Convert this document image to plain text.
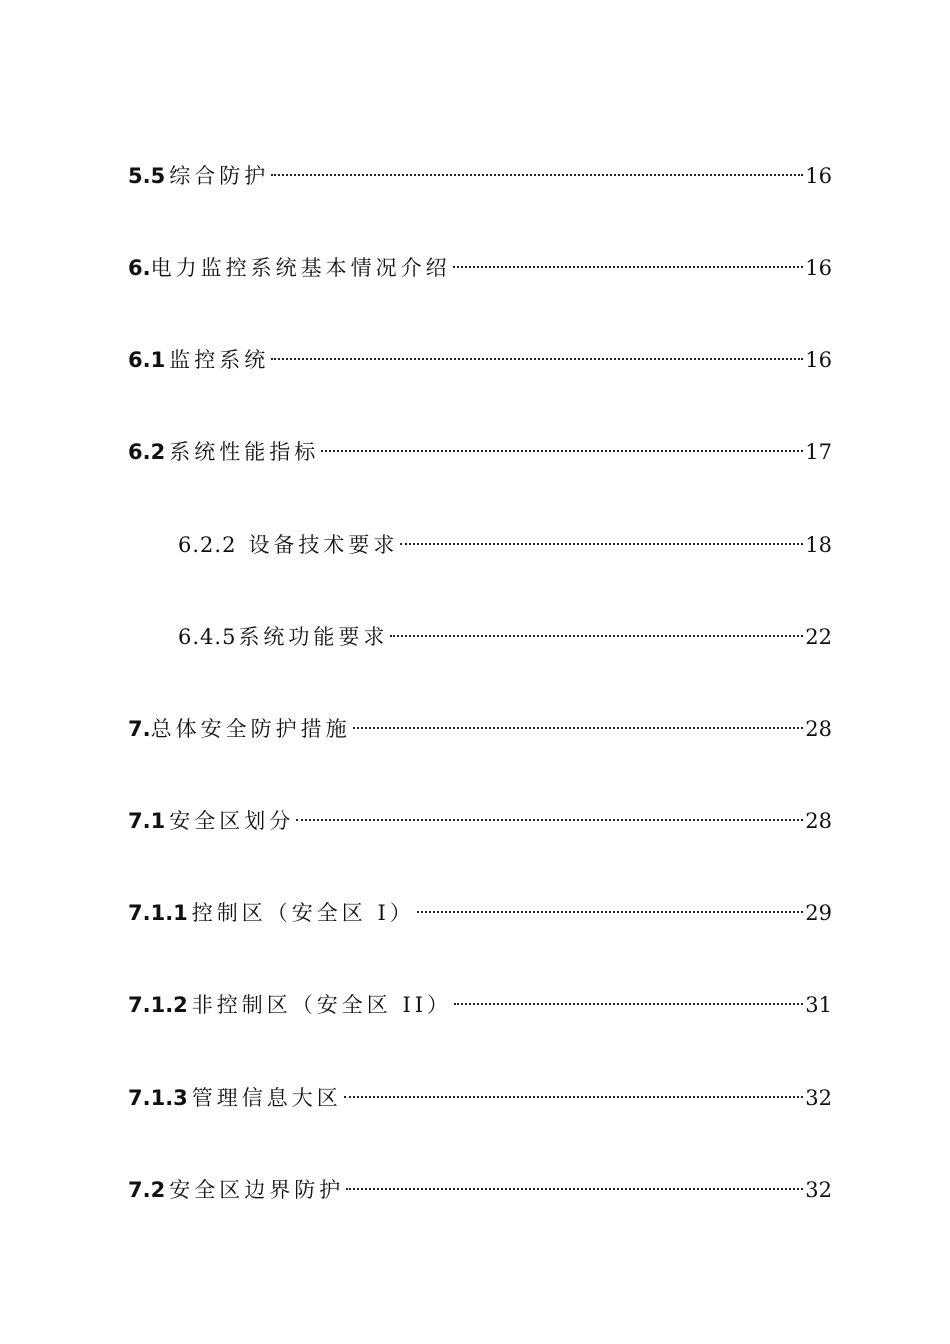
5.5 综合防护	16
6. 电力监控系统基本情况介绍	16
6.1 监控系统	16
6.2 系统性能指标	17
6.2.2 设备技术要求	18
6.4.5 系统功能要求	22
7. 总体安全防护措施	28
7.1 安全区划分	28
7.1.1 控制区（安全区 I）	29
7.1.2 非控制区（安全区 II）	31
7.1.3 管理信息大区	32
7.2 安全区边界防护	32
